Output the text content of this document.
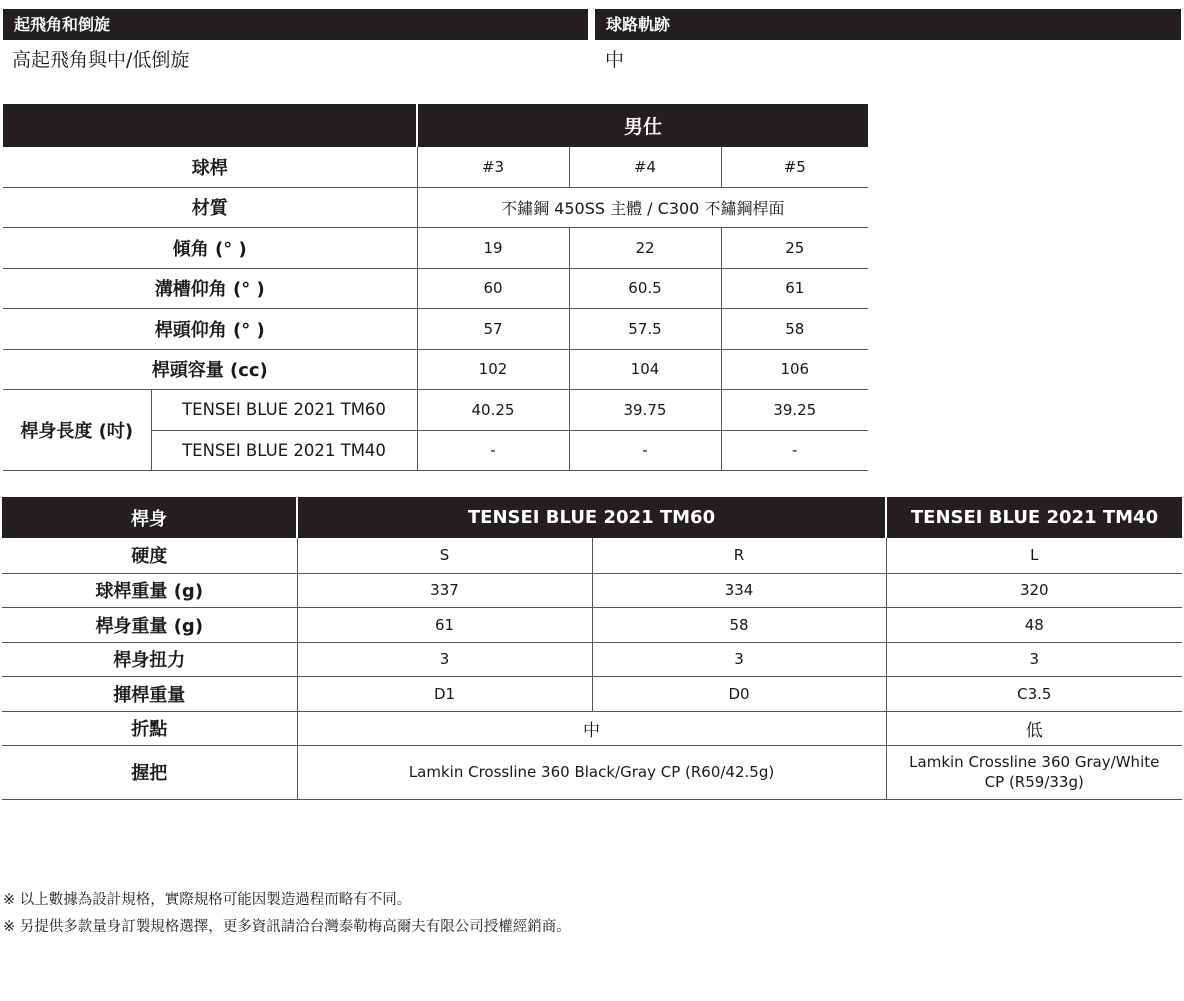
起飛角和倒旋	球路軌跡
高起飛角與中/低倒旋	中
		男仕		
球桿		#3	#4	#5
材質		不鏽鋼 450SS 主體 / C300 不鏽鋼桿面		
傾角 (° )		19	22	25
溝槽仰角 (° )		60	60.5	61
桿頭仰角 (° )		57	57.5	58
桿頭容量 (cc)		102	104	106
桿身長度 (吋)	TENSEI BLUE 2021 TM60	40.25	39.75	39.25
	TENSEI BLUE 2021 TM40	-	-	-
桿身	TENSEI BLUE 2021 TM60		TENSEI BLUE 2021 TM40
硬度	S	R	L
球桿重量 (g)	337	334	320
桿身重量 (g)	61	58	48
桿身扭力	3	3	3
揮桿重量	D1	D0	C3.5
折點	中		低
握把	Lamkin Crossline 360 Black/Gray CP (R60/42.5g)		Lamkin Crossline 360 Gray/White CP (R59/33g)
※ 以上數據為設計規格，實際規格可能因製造過程而略有不同。
※ 另提供多款量身訂製規格選擇，更多資訊請洽台灣泰勒梅高爾夫有限公司授權經銷商。
